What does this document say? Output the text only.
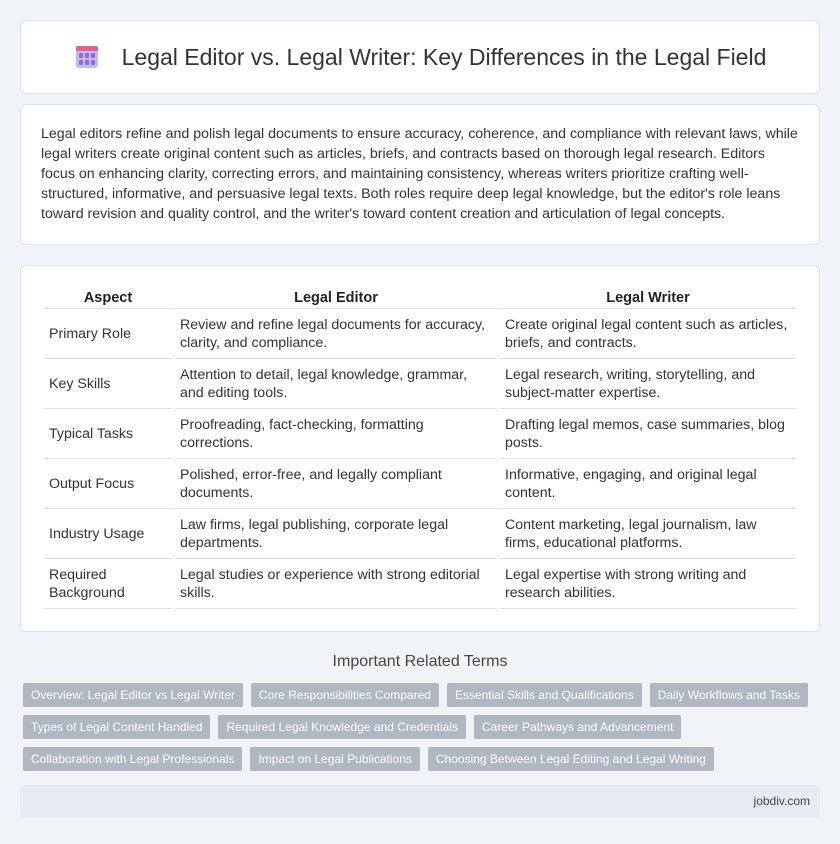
Legal Editor vs. Legal Writer: Key Differences in the Legal Field
Legal editors refine and polish legal documents to ensure accuracy, coherence, and compliance with relevant laws, while legal writers create original content such as articles, briefs, and contracts based on thorough legal research. Editors focus on enhancing clarity, correcting errors, and maintaining consistency, whereas writers prioritize crafting well-structured, informative, and persuasive legal texts. Both roles require deep legal knowledge, but the editor's role leans toward revision and quality control, and the writer's toward content creation and articulation of legal concepts.
Aspect	Legal Editor	Legal Writer
Primary Role	Review and refine legal documents for accuracy, clarity, and compliance.	Create original legal content such as articles, briefs, and contracts.
Key Skills	Attention to detail, legal knowledge, grammar, and editing tools.	Legal research, writing, storytelling, and subject-matter expertise.
Typical Tasks	Proofreading, fact-checking, formatting corrections.	Drafting legal memos, case summaries, blog posts.
Output Focus	Polished, error-free, and legally compliant documents.	Informative, engaging, and original legal content.
Industry Usage	Law firms, legal publishing, corporate legal departments.	Content marketing, legal journalism, law firms, educational platforms.
Required Background	Legal studies or experience with strong editorial skills.	Legal expertise with strong writing and research abilities.
Important Related Terms
Overview: Legal Editor vs Legal Writer	Core Responsibilities Compared	Essential Skills and Qualifications	Daily Workflows and Tasks
Types of Legal Content Handled	Required Legal Knowledge and Credentials	Career Pathways and Advancement
Collaboration with Legal Professionals	Impact on Legal Publications	Choosing Between Legal Editing and Legal Writing
jobdiv.com
